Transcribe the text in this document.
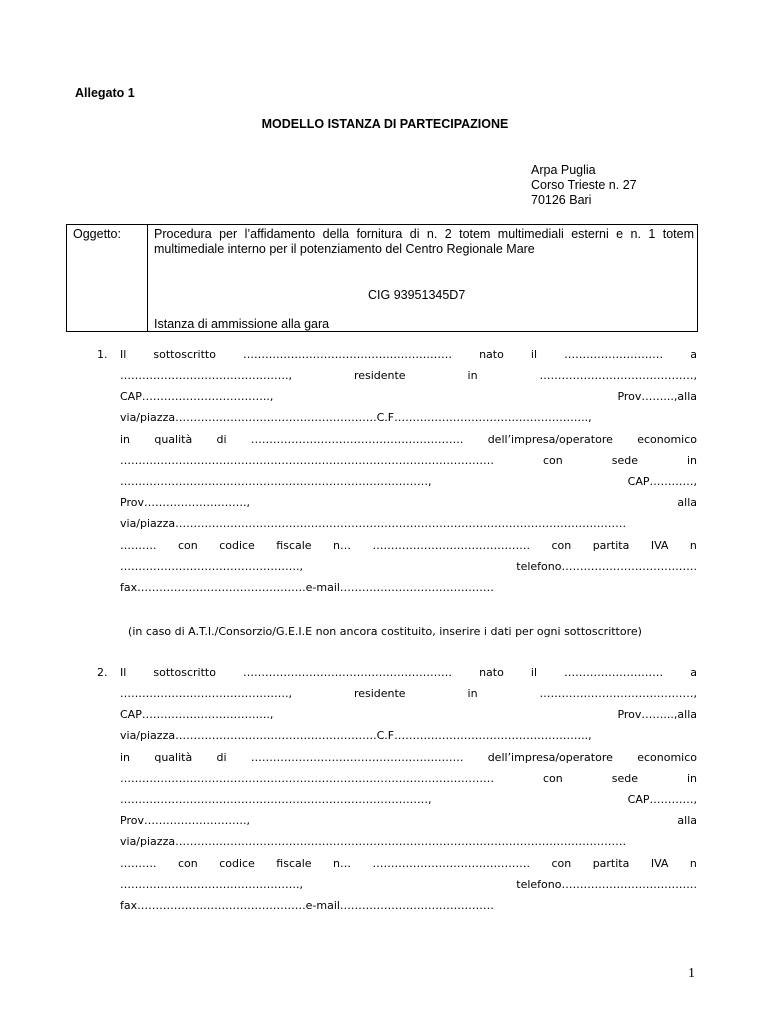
Allegato 1
MODELLO ISTANZA DI PARTECIPAZIONE
Arpa Puglia
Corso Trieste n. 27
70126 Bari
Oggetto:	Procedura per l’affidamento della fornitura di n. 2 totem multimediali esterni e n. 1 totem multimediale interno per il potenziamento del Centro Regionale Mare
CIG 93951345D7
Istanza di ammissione alla gara
1. Il sottoscritto ………………………………………………… nato il ……………………… a
……………………………………….,	residente	in	……………………………………,
CAP……………………………..,	Prov……...,alla
via/piazza……………………………………………….C.F……………………………………………..,
in qualità di …………………………………………………. dell’impresa/operatore economico
…………………………………………………………………………………………	con	sede	in
…………………………………………………………………………,	CAP…………,
Prov……………………….,	alla
via/piazza……………………………………………………………………………………………………………
………. con codice fiscale n… ……………………………………. con partita IVA n
………………………………………….,	telefono……………………………….
fax……………………………………….e-mail……………………………………
(in caso di A.T.I./Consorzio/G.E.I.E non ancora costituito, inserire i dati per ogni sottoscrittore)
2. Il sottoscritto ………………………………………………… nato il ……………………… a
……………………………………….,	residente	in	……………………………………,
CAP……………………………..,	Prov……...,alla
via/piazza……………………………………………….C.F……………………………………………..,
in qualità di …………………………………………………. dell’impresa/operatore economico
…………………………………………………………………………………………	con	sede	in
…………………………………………………………………………,	CAP…………,
Prov……………………….,	alla
via/piazza……………………………………………………………………………………………………………
………. con codice fiscale n… ……………………………………. con partita IVA n
………………………………………….,	telefono……………………………….
fax……………………………………….e-mail……………………………………
1
